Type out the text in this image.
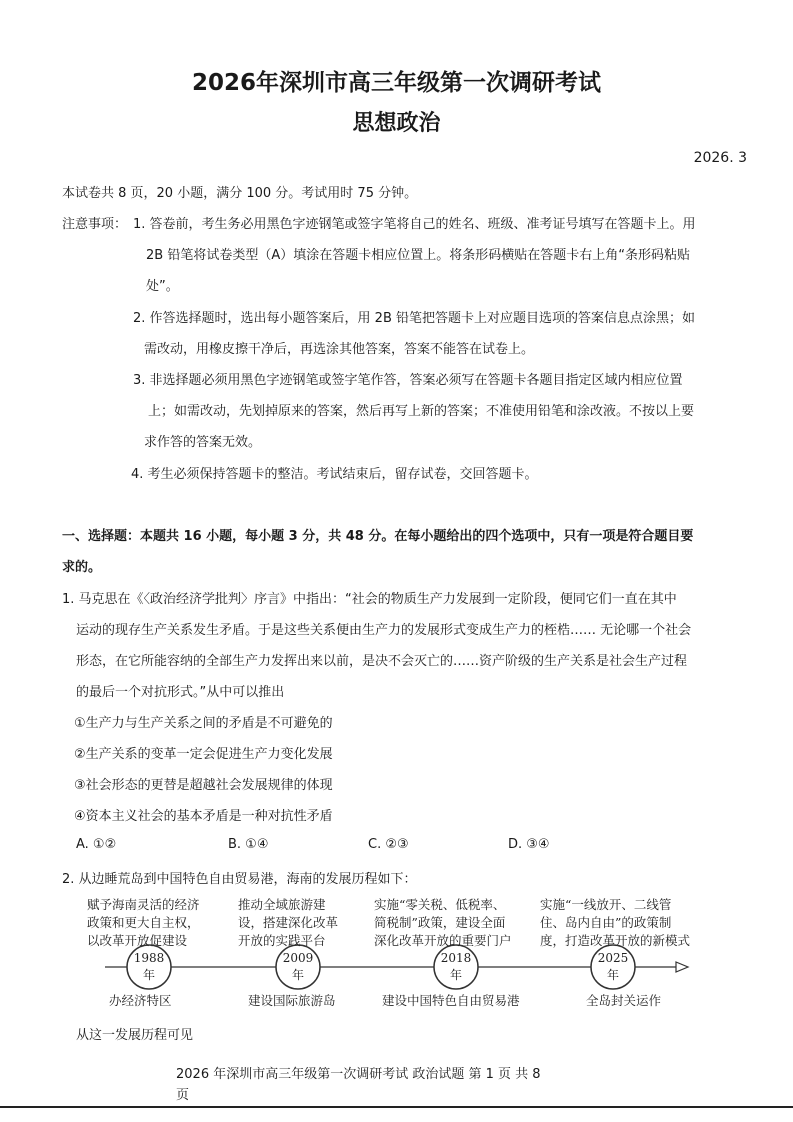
2026年深圳市高三年级第一次调研考试
思想政治
2026. 3
本试卷共 8 页，20 小题，满分 100 分。考试用时 75 分钟。
注意事项： 1. 答卷前，考生务必用黑色字迹钢笔或签字笔将自己的姓名、班级、准考证号填写在答题卡上。用
2B 铅笔将试卷类型（A）填涂在答题卡相应位置上。将条形码横贴在答题卡右上角“条形码粘贴
处”。
2. 作答选择题时，选出每小题答案后，用 2B 铅笔把答题卡上对应题目选项的答案信息点涂黑；如
需改动，用橡皮擦干净后，再选涂其他答案，答案不能答在试卷上。
3. 非选择题必须用黑色字迹钢笔或签字笔作答，答案必须写在答题卡各题目指定区域内相应位置
上；如需改动，先划掉原来的答案，然后再写上新的答案；不准使用铅笔和涂改液。不按以上要
求作答的答案无效。
4. 考生必须保持答题卡的整洁。考试结束后，留存试卷，交回答题卡。
一、选择题：本题共 16 小题，每小题 3 分，共 48 分。在每小题给出的四个选项中，只有一项是符合题目要
求的。
1. 马克思在《〈政治经济学批判〉序言》中指出：“社会的物质生产力发展到一定阶段，便同它们一直在其中
运动的现存生产关系发生矛盾。于是这些关系便由生产力的发展形式变成生产力的桎梏…… 无论哪一个社会
形态，在它所能容纳的全部生产力发挥出来以前，是决不会灭亡的……资产阶级的生产关系是社会生产过程
的最后一个对抗形式。”从中可以推出
①生产力与生产关系之间的矛盾是不可避免的
②生产关系的变革一定会促进生产力变化发展
③社会形态的更替是超越社会发展规律的体现
④资本主义社会的基本矛盾是一种对抗性矛盾
A. ①②	B. ①④	C. ②③	D. ③④
2. 从边睡荒岛到中国特色自由贸易港，海南的发展历程如下：
1988
年
赋予海南灵活的经济
政策和更大自主权，
以改革开放促建设
办经济特区
2009
年
推动全域旅游建
设，搭建深化改革
开放的实践平台
建设国际旅游岛
2018
年
实施“零关税、低税率、
简税制”政策，建设全面
深化改革开放的重要门户
建设中国特色自由贸易港
2025
年
实施“一线放开、二线管
住、岛内自由”的政策制
度，打造改革开放的新模式
全岛封关运作
从这一发展历程可见
2026 年深圳市高三年级第一次调研考试 政治试题 第 1 页 共 8
页
